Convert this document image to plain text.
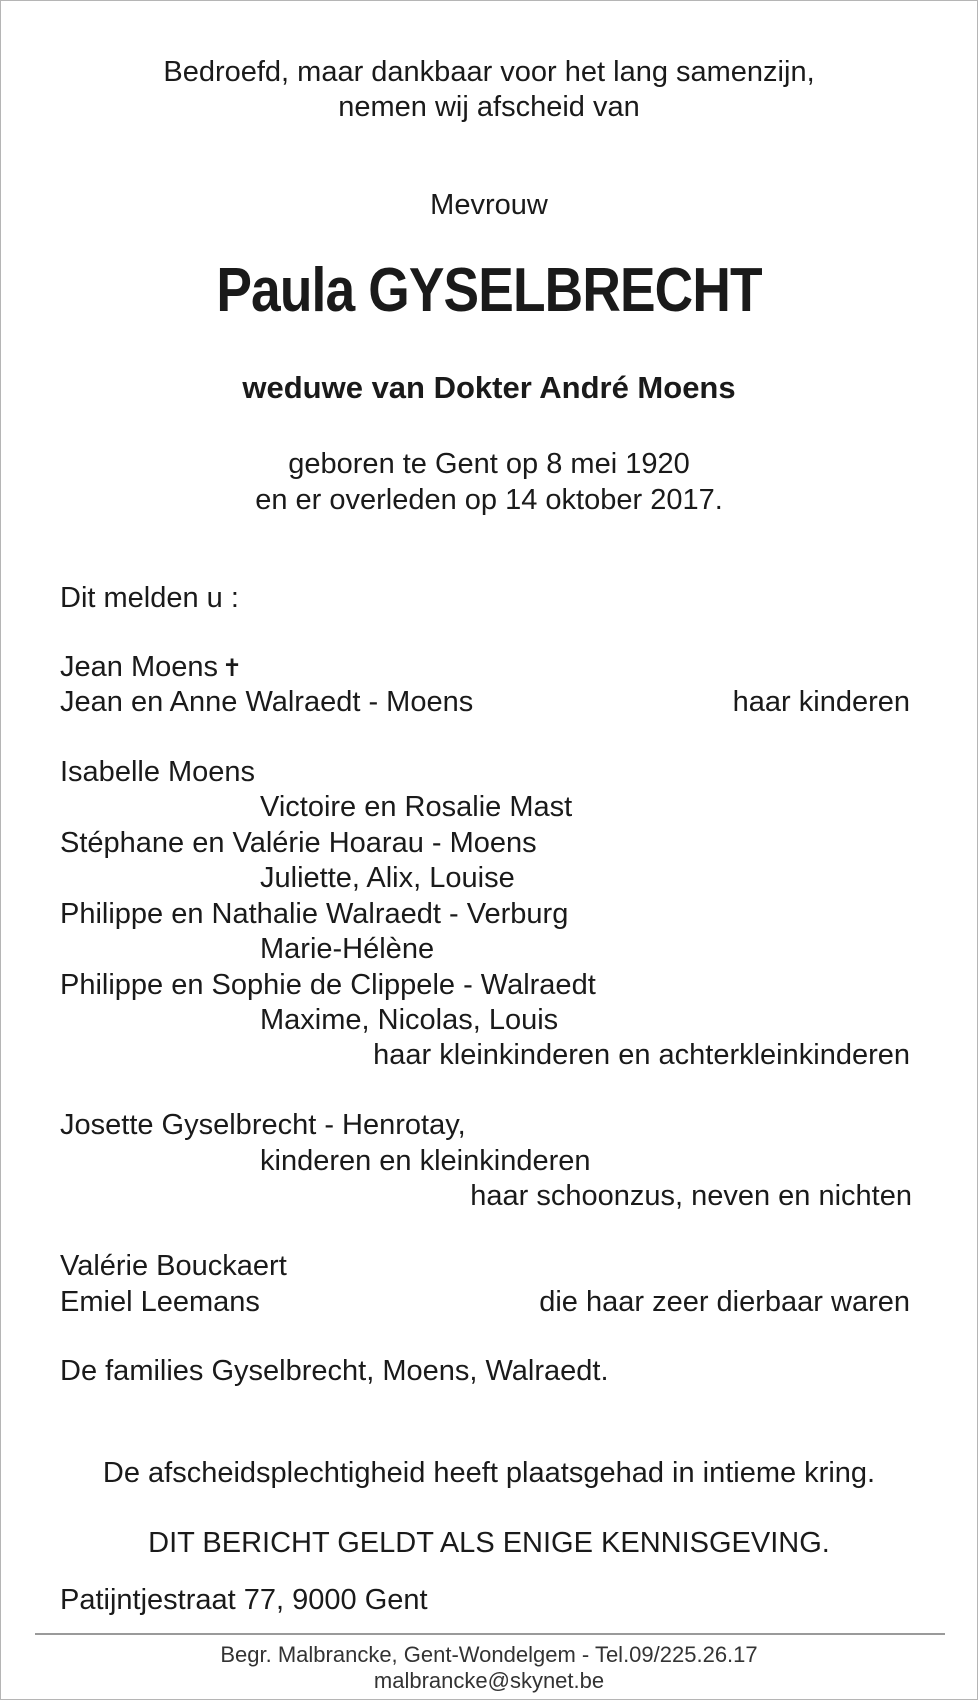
Bedroefd, maar dankbaar voor het lang samenzijn,
nemen wij afscheid van
Mevrouw
Paula GYSELBRECHT
weduwe van Dokter André Moens
geboren te Gent op 8 mei 1920
en er overleden op 14 oktober 2017.
Dit melden u :
Jean Moens ✝
Jean en Anne Walraedt - Moens	haar kinderen
Isabelle Moens
Victoire en Rosalie Mast
Stéphane en Valérie Hoarau - Moens
Juliette, Alix, Louise
Philippe en Nathalie Walraedt - Verburg
Marie-Hélène
Philippe en Sophie de Clippele - Walraedt
Maxime, Nicolas, Louis
haar kleinkinderen en achterkleinkinderen
Josette Gyselbrecht - Henrotay,
kinderen en kleinkinderen
haar schoonzus, neven en nichten
Valérie Bouckaert
Emiel Leemans	die haar zeer dierbaar waren
De families Gyselbrecht, Moens, Walraedt.
De afscheidsplechtigheid heeft plaatsgehad in intieme kring.
DIT BERICHT GELDT ALS ENIGE KENNISGEVING.
Patijntjestraat 77, 9000 Gent
Begr. Malbrancke, Gent-Wondelgem - Tel.09/225.26.17
malbrancke@skynet.be
